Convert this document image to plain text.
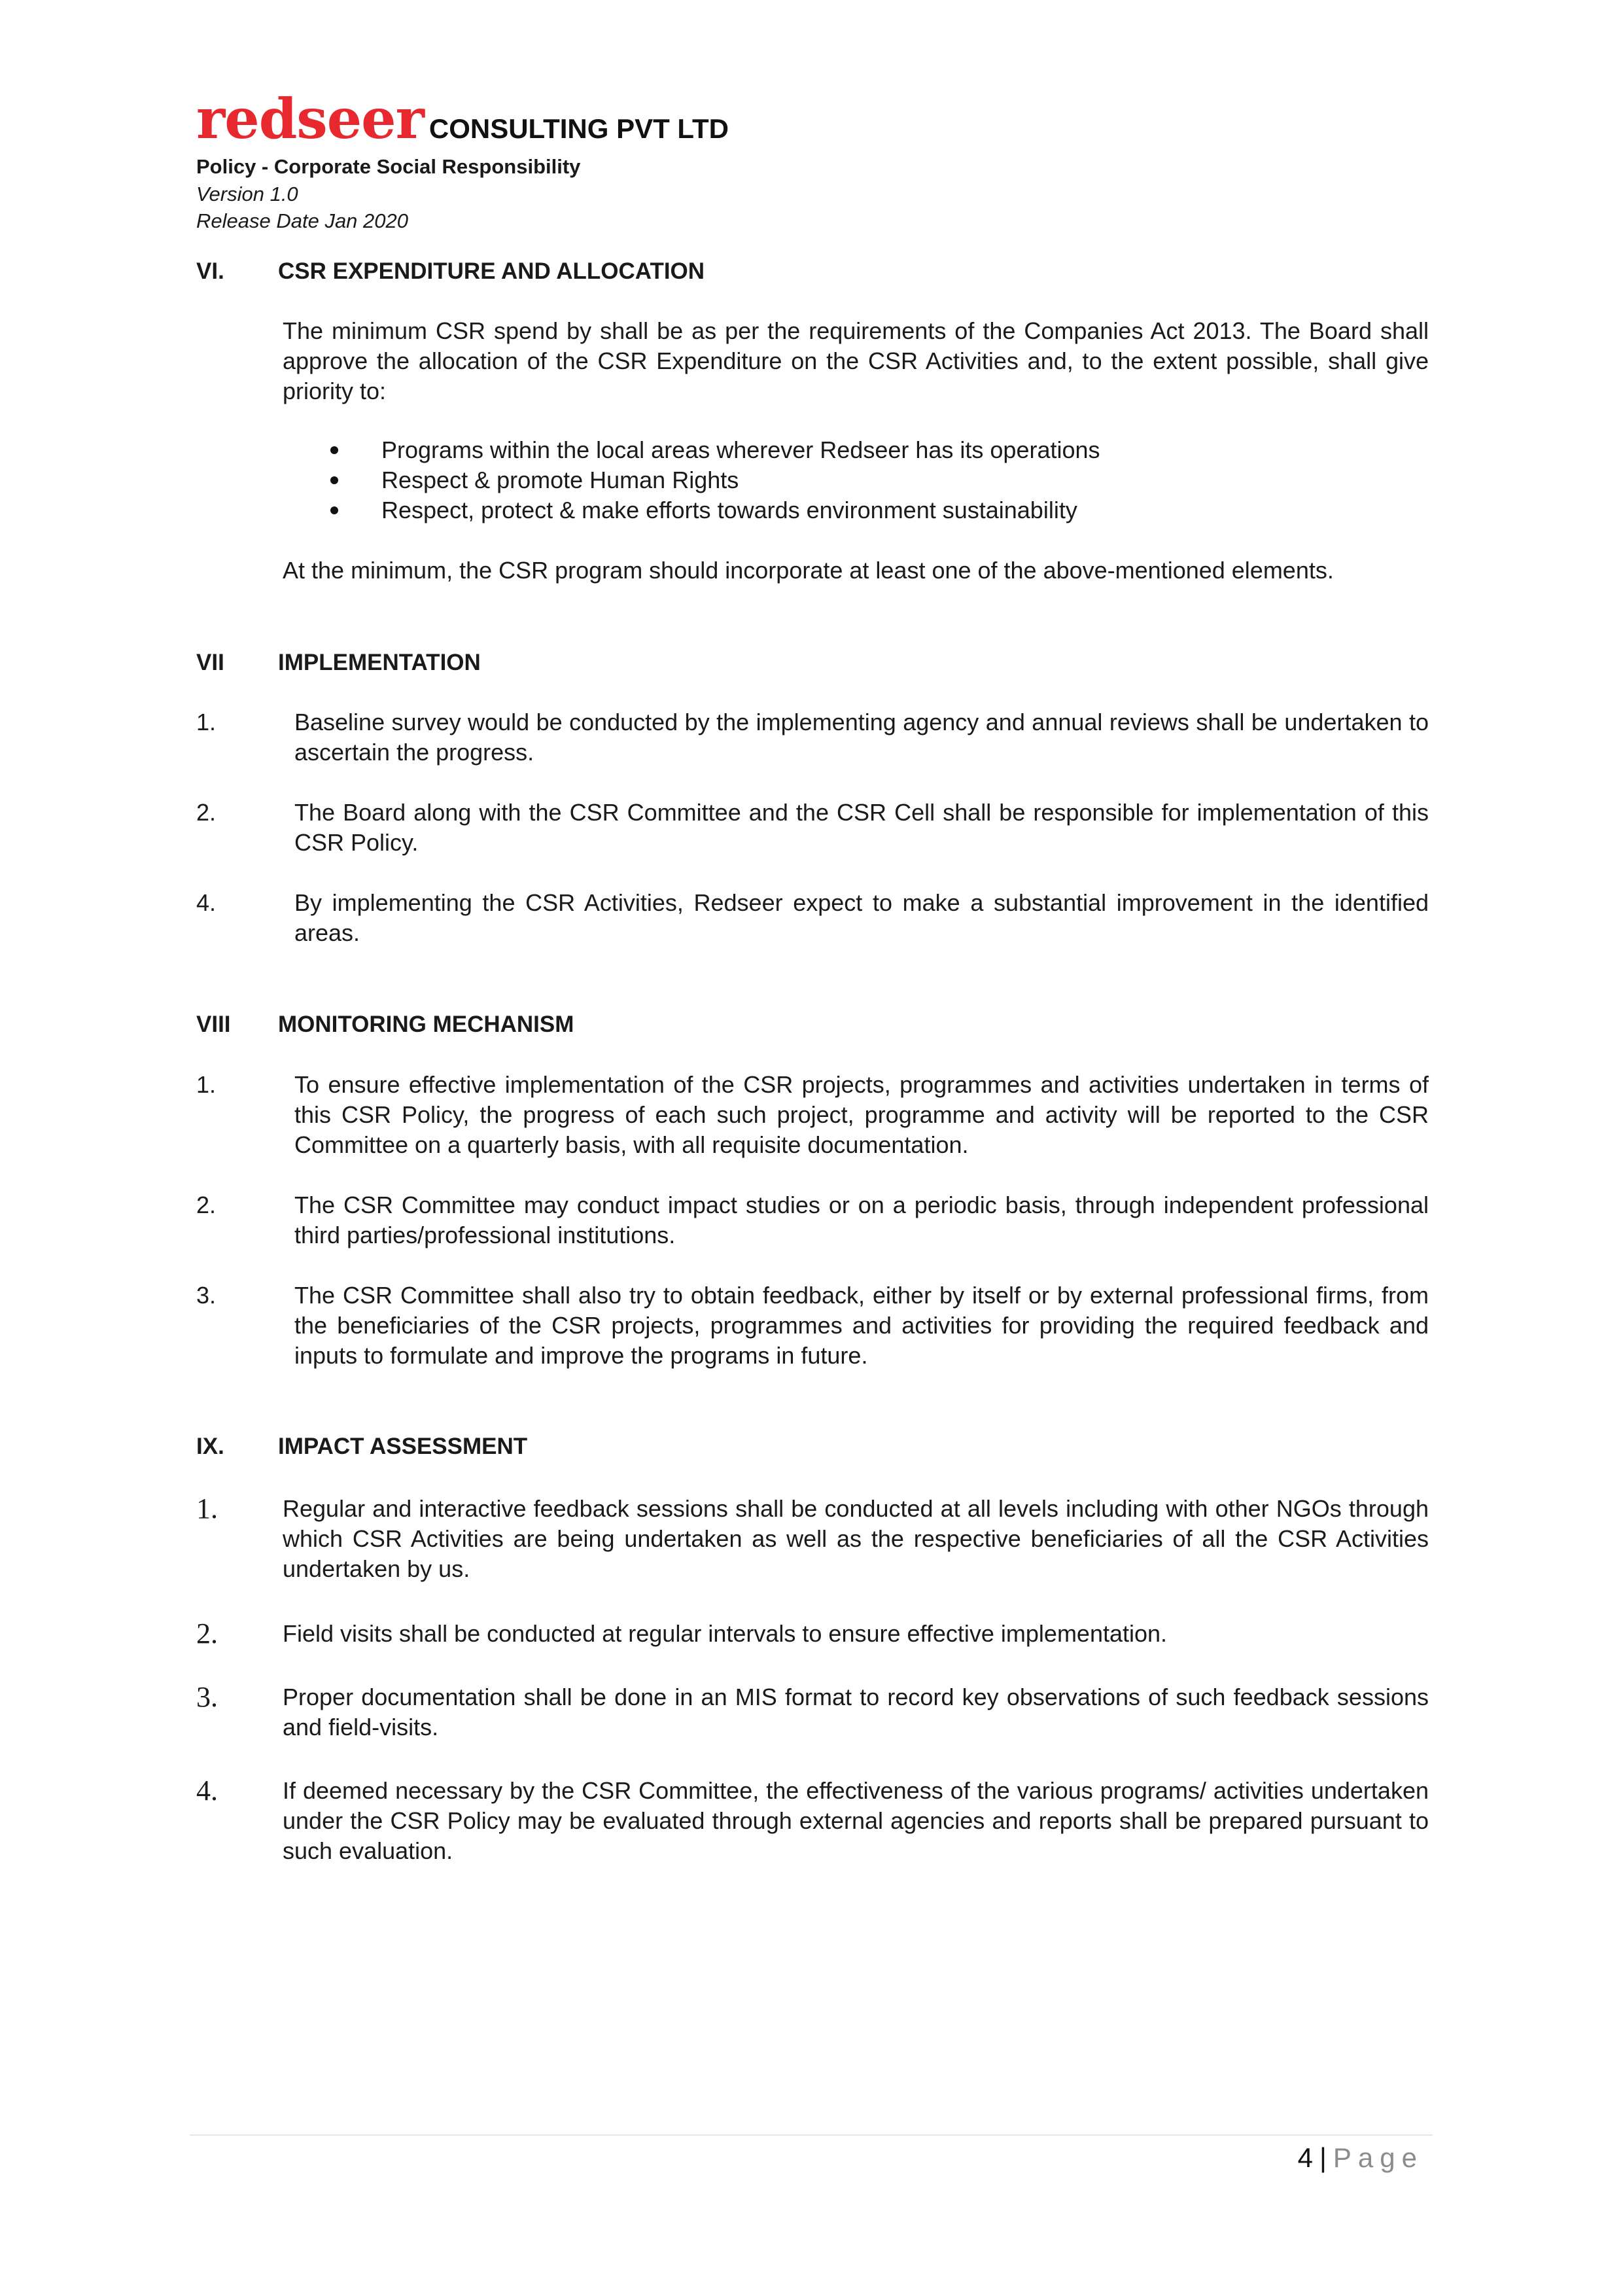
redseer CONSULTING PVT LTD
Policy - Corporate Social Responsibility
Version 1.0
Release Date Jan 2020
VI. CSR EXPENDITURE AND ALLOCATION

The minimum CSR spend by shall be as per the requirements of the Companies Act 2013. The Board shall approve the allocation of the CSR Expenditure on the CSR Activities and, to the extent possible, shall give priority to:

Programs within the local areas wherever Redseer has its operations
Respect & promote Human Rights
Respect, protect & make efforts towards environment sustainability

At the minimum, the CSR program should incorporate at least one of the above-mentioned elements.

VII IMPLEMENTATION
1.	Baseline survey would be conducted by the implementing agency and annual reviews shall be undertaken to ascertain the progress.
2.	The Board along with the CSR Committee and the CSR Cell shall be responsible for implementation of this CSR Policy.
4.	By implementing the CSR Activities, Redseer expect to make a substantial improvement in the identified areas.
VIII MONITORING MECHANISM
1.	To ensure effective implementation of the CSR projects, programmes and activities undertaken in terms of this CSR Policy, the progress of each such project, programme and activity will be reported to the CSR Committee on a quarterly basis, with all requisite documentation.
2.	The CSR Committee may conduct impact studies or on a periodic basis, through independent professional third parties/professional institutions.
3.	The CSR Committee shall also try to obtain feedback, either by itself or by external professional firms, from the beneficiaries of the CSR projects, programmes and activities for providing the required feedback and inputs to formulate and improve the programs in future.
IX. IMPACT ASSESSMENT
1.	Regular and interactive feedback sessions shall be conducted at all levels including with other NGOs through which CSR Activities are being undertaken as well as the respective beneficiaries of all the CSR Activities undertaken by us.
2.	Field visits shall be conducted at regular intervals to ensure effective implementation.
3.	Proper documentation shall be done in an MIS format to record key observations of such feedback sessions and field-visits.
4.	If deemed necessary by the CSR Committee, the effectiveness of the various programs/ activities undertaken under the CSR Policy may be evaluated through external agencies and reports shall be prepared pursuant to such evaluation.
4 | Page
